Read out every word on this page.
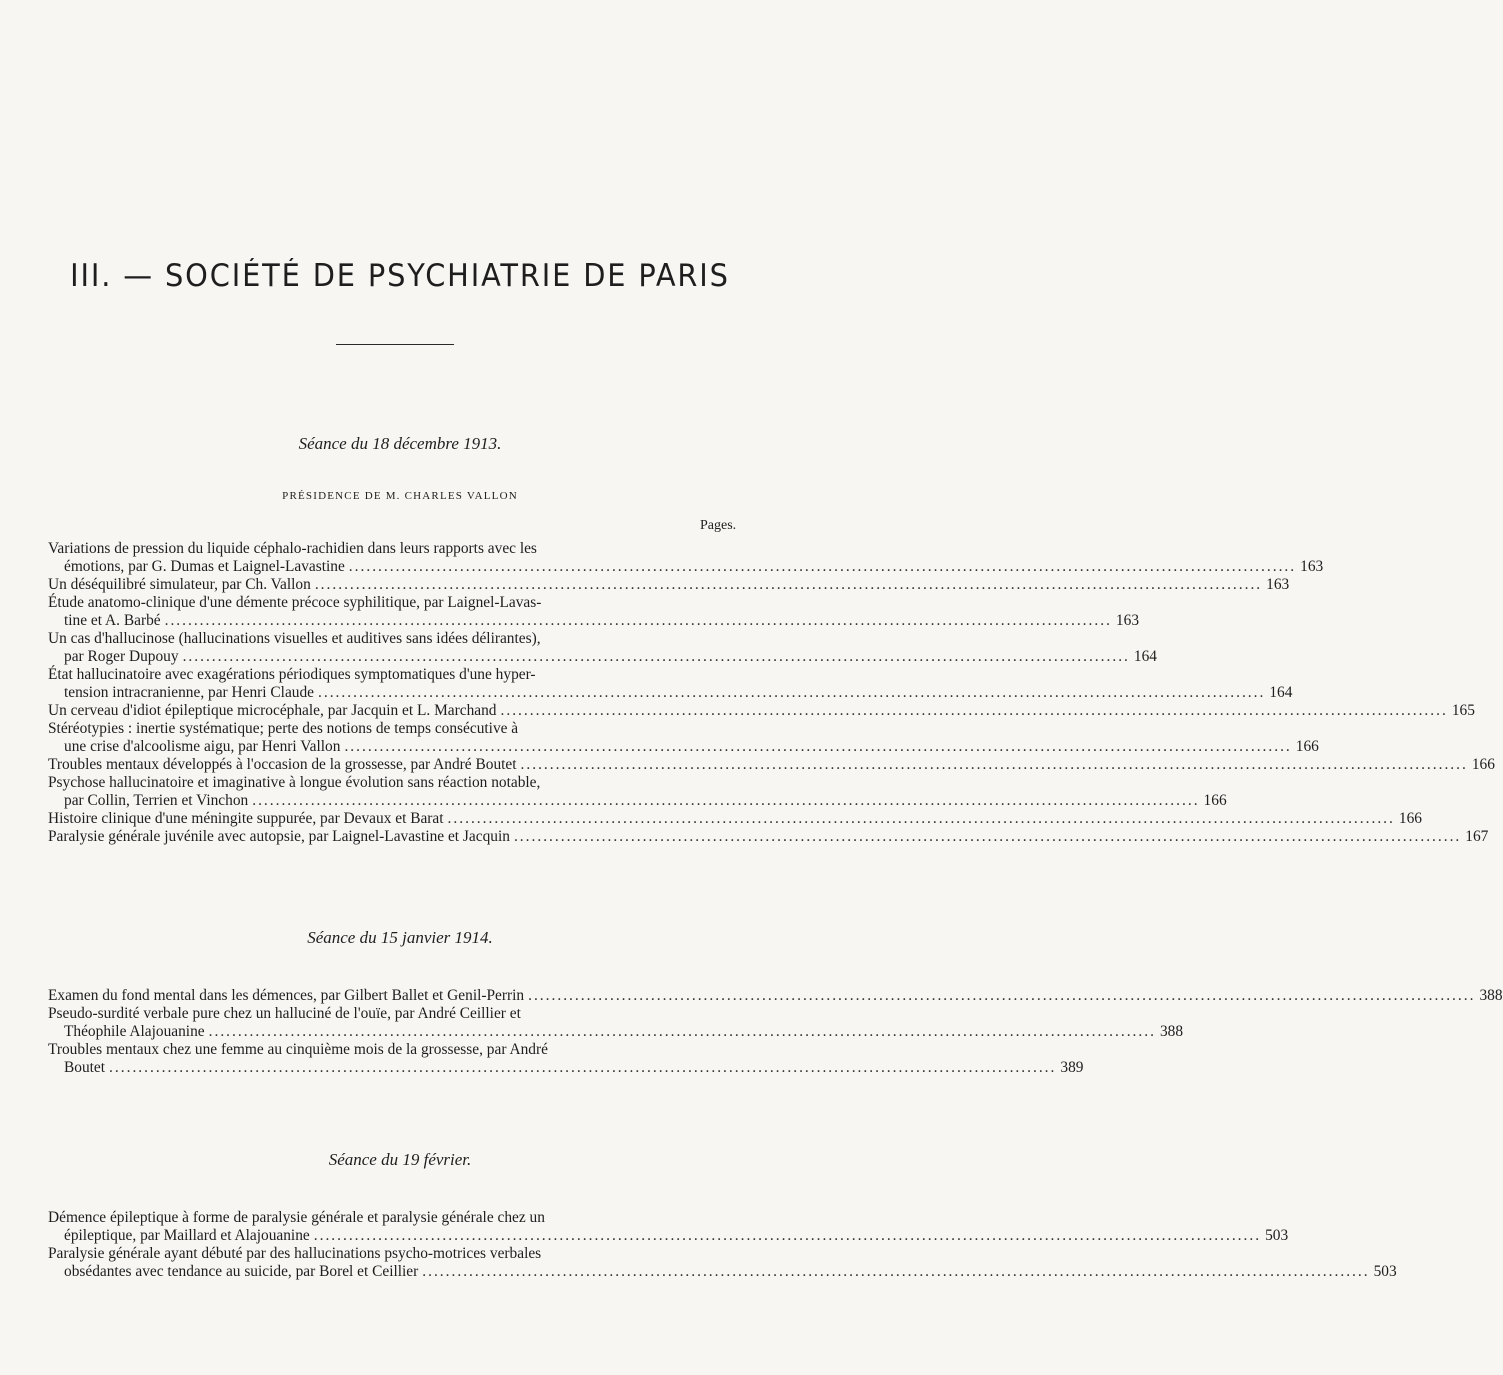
III. — SOCIÉTÉ DE PSYCHIATRIE DE PARIS
Séance du 18 décembre 1913.
PRÉSIDENCE DE M. CHARLES VALLON
Pages.

Variations de pression du liquide céphalo-rachidien dans leurs rapports avec les
émotions, par G. Dumas et Laignel-Lavastine .....	163

Un déséquilibré simulateur, par Ch. Vallon .....	163

Étude anatomo-clinique d'une démente précoce syphilitique, par Laignel-Lavas-
tine et A. Barbé .....	163

Un cas d'hallucinose (hallucinations visuelles et auditives sans idées délirantes),
par Roger Dupouy .....	164

État hallucinatoire avec exagérations périodiques symptomatiques d'une hyper-
tension intracranienne, par Henri Claude .....	164

Un cerveau d'idiot épileptique microcéphale, par Jacquin et L. Marchand .....	165

Stéréotypies : inertie systématique; perte des notions de temps consécutive à
une crise d'alcoolisme aigu, par Henri Vallon .....	166

Troubles mentaux développés à l'occasion de la grossesse, par André Boutet .....	166

Psychose hallucinatoire et imaginative à longue évolution sans réaction notable,
par Collin, Terrien et Vinchon .....	166

Histoire clinique d'une méningite suppurée, par Devaux et Barat .....	166

Paralysie générale juvénile avec autopsie, par Laignel-Lavastine et Jacquin .....	167

Séance du 15 janvier 1914.

Examen du fond mental dans les démences, par Gilbert Ballet et Genil-Perrin .....	388

Pseudo-surdité verbale pure chez un halluciné de l'ouïe, par André Ceillier et
Théophile Alajouanine .....	388

Troubles mentaux chez une femme au cinquième mois de la grossesse, par André
Boutet .....	389

Séance du 19 février.

Démence épileptique à forme de paralysie générale et paralysie générale chez un
épileptique, par Maillard et Alajouanine .....	503

Paralysie générale ayant débuté par des hallucinations psycho-motrices verbales
obsédantes avec tendance au suicide, par Borel et Ceillier .....	503
